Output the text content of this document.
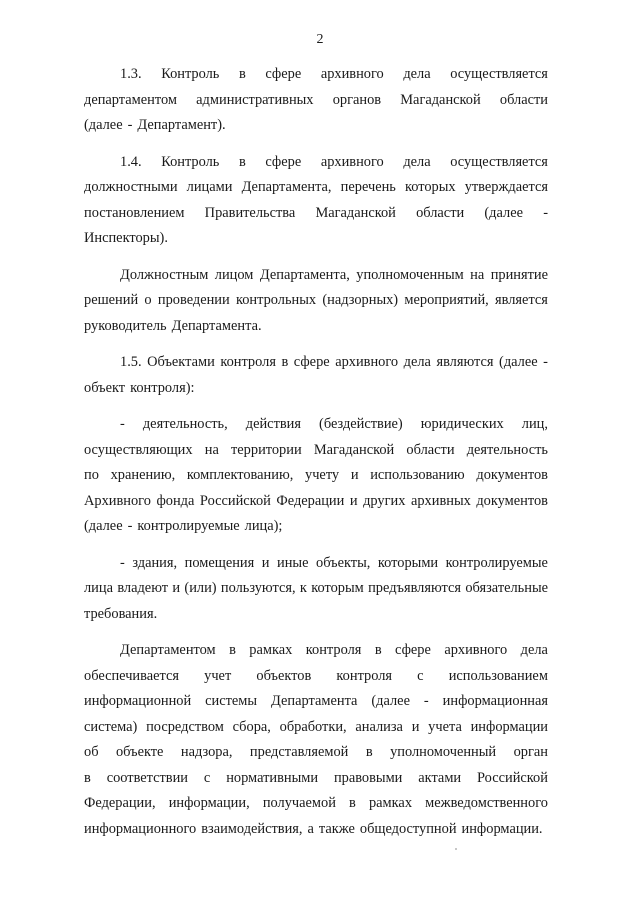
2
1.3. Контроль в сфере архивного дела осуществляется
департаментом административных органов Магаданской области
(далее - Департамент).
1.4. Контроль в сфере архивного дела осуществляется
должностными лицами Департамента, перечень которых утверждается
постановлением Правительства Магаданской области (далее -
Инспекторы).
Должностным лицом Департамента, уполномоченным на принятие
решений о проведении контрольных (надзорных) мероприятий, является
руководитель Департамента.
1.5. Объектами контроля в сфере архивного дела являются (далее -
объект контроля):
- деятельность, действия (бездействие) юридических лиц,
осуществляющих на территории Магаданской области деятельность
по хранению, комплектованию, учету и использованию документов
Архивного фонда Российской Федерации и других архивных документов
(далее - контролируемые лица);
- здания, помещения и иные объекты, которыми контролируемые
лица владеют и (или) пользуются, к которым предъявляются обязательные
требования.
Департаментом в рамках контроля в сфере архивного дела
обеспечивается учет объектов контроля с использованием
информационной системы Департамента (далее - информационная
система) посредством сбора, обработки, анализа и учета информации
об объекте надзора, представляемой в уполномоченный орган
в соответствии с нормативными правовыми актами Российской
Федерации, информации, получаемой в рамках межведомственного
информационного взаимодействия, а также общедоступной информации.
